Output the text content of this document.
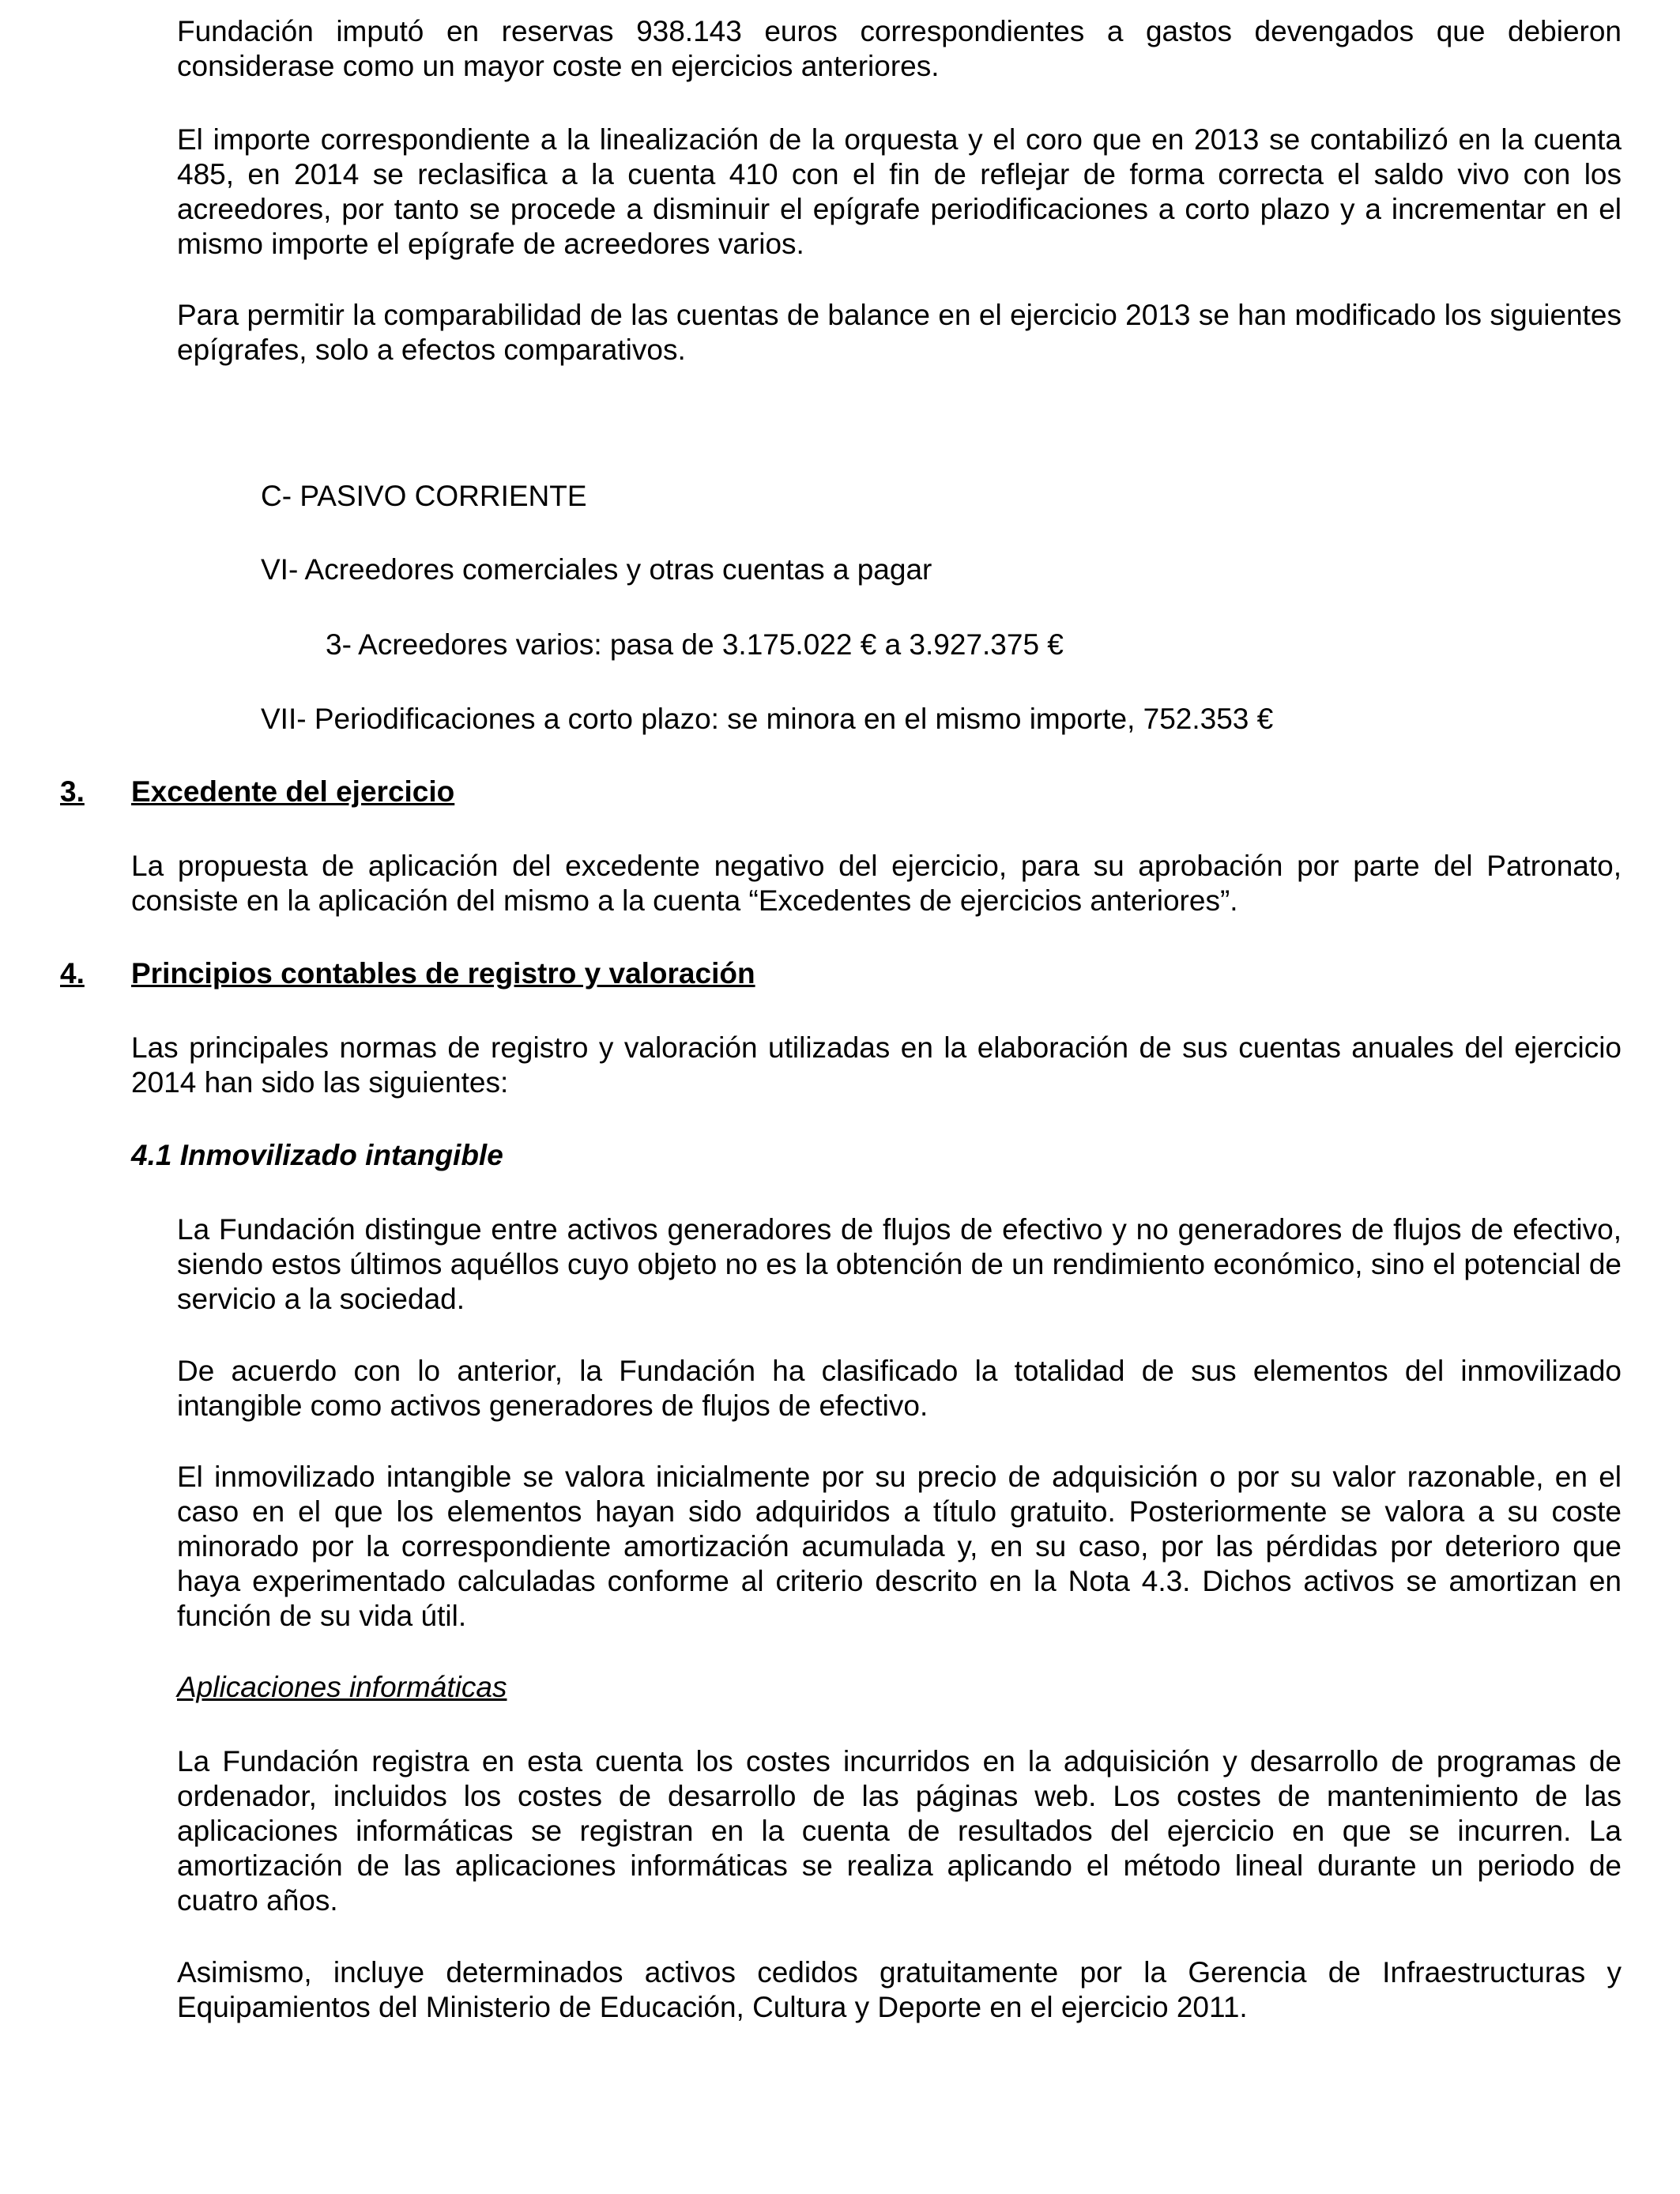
Fundación imputó en reservas 938.143 euros correspondientes a gastos devengados que debieron considerase como un mayor coste en ejercicios anteriores.
El importe correspondiente a la linealización de la orquesta y el coro que en 2013 se contabilizó en la cuenta 485, en 2014 se reclasifica a la cuenta 410 con el fin de reflejar de forma correcta el saldo vivo con los acreedores, por tanto se procede a disminuir el epígrafe periodificaciones a corto plazo y a incrementar en el mismo importe el epígrafe de acreedores varios.
Para permitir la comparabilidad de las cuentas de balance en el ejercicio 2013 se han modificado los siguientes epígrafes, solo a efectos comparativos.
C- PASIVO CORRIENTE
VI- Acreedores comerciales y otras cuentas a pagar
3- Acreedores varios: pasa de 3.175.022 € a 3.927.375 €
VII- Periodificaciones a corto plazo: se minora en el mismo importe, 752.353 €
3. Excedente del ejercicio
La propuesta de aplicación del excedente negativo del ejercicio, para su aprobación por parte del Patronato, consiste en la aplicación del mismo a la cuenta “Excedentes de ejercicios anteriores”.
4. Principios contables de registro y valoración
Las principales normas de registro y valoración utilizadas en la elaboración de sus cuentas anuales del ejercicio 2014 han sido las siguientes:
4.1 Inmovilizado intangible
La Fundación distingue entre activos generadores de flujos de efectivo y no generadores de flujos de efectivo, siendo estos últimos aquéllos cuyo objeto no es la obtención de un rendimiento económico, sino el potencial de servicio a la sociedad.
De acuerdo con lo anterior, la Fundación ha clasificado la totalidad de sus elementos del inmovilizado intangible como activos generadores de flujos de efectivo.
El inmovilizado intangible se valora inicialmente por su precio de adquisición o por su valor razonable, en el caso en el que los elementos hayan sido adquiridos a título gratuito. Posteriormente se valora a su coste minorado por la correspondiente amortización acumulada y, en su caso, por las pérdidas por deterioro que haya experimentado calculadas conforme al criterio descrito en la Nota 4.3. Dichos activos se amortizan en función de su vida útil.
Aplicaciones informáticas
La Fundación registra en esta cuenta los costes incurridos en la adquisición y desarrollo de programas de ordenador, incluidos los costes de desarrollo de las páginas web. Los costes de mantenimiento de las aplicaciones informáticas se registran en la cuenta de resultados del ejercicio en que se incurren. La amortización de las aplicaciones informáticas se realiza aplicando el método lineal durante un periodo de cuatro años.
Asimismo, incluye determinados activos cedidos gratuitamente por la Gerencia de Infraestructuras y Equipamientos del Ministerio de Educación, Cultura y Deporte en el ejercicio 2011.
